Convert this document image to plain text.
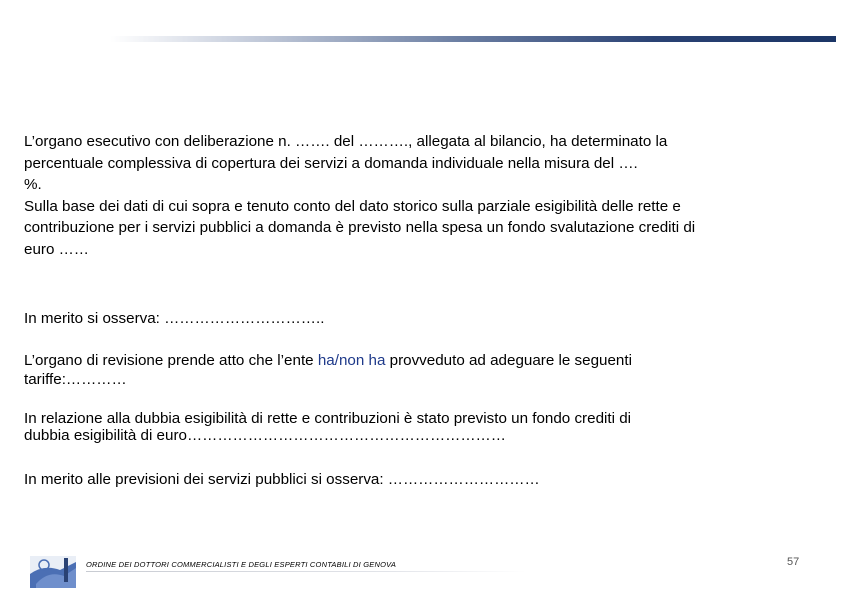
L’organo esecutivo con deliberazione n. ……. del ………., allegata al bilancio, ha determinato la
percentuale complessiva di copertura dei servizi a domanda individuale nella misura del ….
%.
Sulla base dei dati di cui sopra e tenuto conto del dato storico sulla parziale esigibilità delle rette e
contribuzione per i servizi pubblici a domanda è previsto nella spesa un fondo svalutazione crediti di
euro ……
In merito si osserva: …………………………..
L’organo di revisione prende atto che l’ente ha/non ha provveduto ad adeguare le seguenti
tariffe:…………
In relazione alla dubbia esigibilità di rette e contribuzioni è stato previsto un fondo crediti di
dubbia esigibilità di euro………………………………………………………
In merito alle previsioni dei servizi pubblici si osserva: …………………………
ORDINE DEI DOTTORI COMMERCIALISTI E DEGLI ESPERTI CONTABILI DI GENOVA	57
